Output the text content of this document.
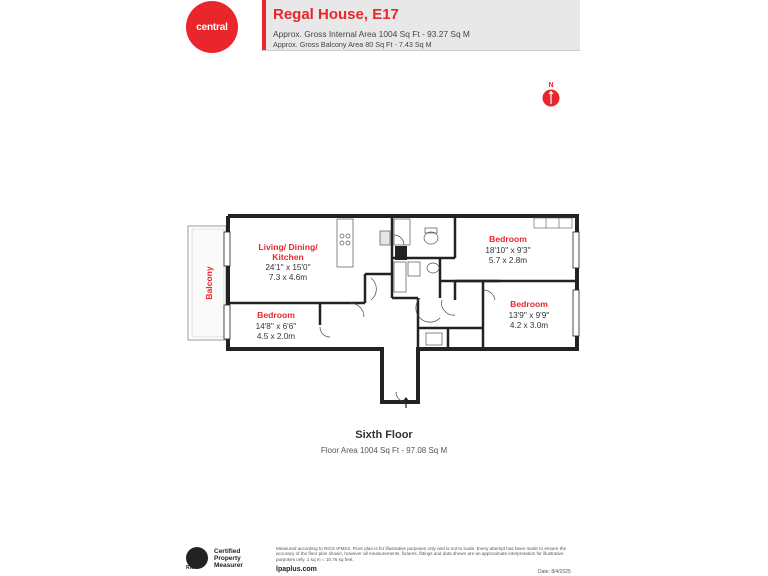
central
Regal House, E17
Approx. Gross Internal Area 1004 Sq Ft - 93.27 Sq M
Approx. Gross Balcony Area 80 Sq Ft - 7.43 Sq M
N
Balcony
Living/ Dining/
Kitchen
24'1'' x 15'0''
7.3 x 4.6m
Bedroom
18'10'' x 9'3''
5.7 x 2.8m
Bedroom
13'9'' x 9'9''
4.2 x 3.0m
Bedroom
14'8'' x 6'6''
4.5 x 2.0m
Sixth Floor
Floor Area 1004 Sq Ft - 97.08 Sq M
RICS
Certified
Property
Measurer
Measured according to RICS IPMS2. Floor plan is for illustrative purposes only and is not to scale. Every attempt has been made to ensure the accuracy of the floor plan shown, however all measurements, fixtures, fittings and data shown are an approximate interpretation for illustrative purposes only. 1 sq m = 10.76 sq feet.
lpaplus.com	Date: 8/4/2025
